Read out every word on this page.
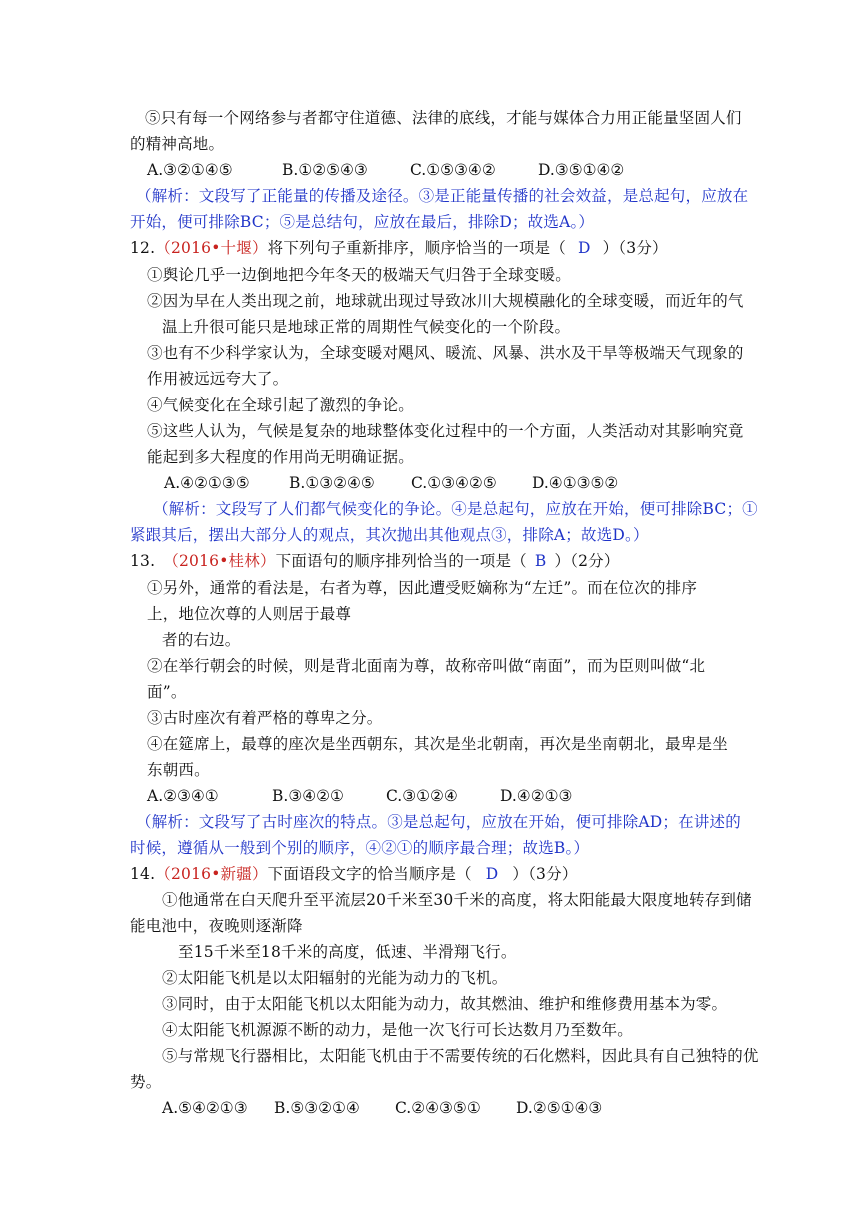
⑤只有每一个网络参与者都守住道德、法律的底线，才能与媒体合力用正能量坚固人们
的精神高地。
A.③②①④⑤	B.①②⑤④③	C.①⑤③④②	D.③⑤①④②
（解析：文段写了正能量的传播及途径。③是正能量传播的社会效益，是总起句，应放在
开始，便可排除BC；⑤是总结句，应放在最后，排除D；故选A。）
12.（2016•十堰）将下列句子重新排序，顺序恰当的一项是（ D ）（3分）
①舆论几乎一边倒地把今年冬天的极端天气归咎于全球变暖。
②因为早在人类出现之前，地球就出现过导致冰川大规模融化的全球变暖，而近年的气
温上升很可能只是地球正常的周期性气候变化的一个阶段。
③也有不少科学家认为，全球变暖对飓风、暖流、风暴、洪水及干旱等极端天气现象的
作用被远远夸大了。
④气候变化在全球引起了激烈的争论。
⑤这些人认为，气候是复杂的地球整体变化过程中的一个方面，人类活动对其影响究竟
能起到多大程度的作用尚无明确证据。
A.④②①③⑤	B.①③②④⑤ C.①③④②⑤ D.④①③⑤②
（解析：文段写了人们都气候变化的争论。④是总起句，应放在开始，便可排除BC；①
紧跟其后，摆出大部分人的观点，其次抛出其他观点③，排除A；故选D。）
13. （2016•桂林）下面语句的顺序排列恰当的一项是（ B ）（2分）
①另外，通常的看法是，右者为尊，因此遭受贬嫡称为“左迁”。而在位次的排序
上，地位次尊的人则居于最尊
者的右边。
②在举行朝会的时候，则是背北面南为尊，故称帝叫做“南面”，而为臣则叫做“北
面”。
③古时座次有着严格的尊卑之分。
④在筵席上，最尊的座次是坐西朝东，其次是坐北朝南，再次是坐南朝北，最卑是坐
东朝西。
A.②③④①	B.③④②①	C.③①②④	D.④②①③
（解析：文段写了古时座次的特点。③是总起句，应放在开始，便可排除AD；在讲述的
时候，遵循从一般到个别的顺序，④②①的顺序最合理；故选B。）
14.（2016•新疆）下面语段文字的恰当顺序是（ D ）（3分）
①他通常在白天爬升至平流层20千米至30千米的高度，将太阳能最大限度地转存到储
能电池中，夜晚则逐渐降
至15千米至18千米的高度，低速、半滑翔飞行。
②太阳能飞机是以太阳辐射的光能为动力的飞机。
③同时，由于太阳能飞机以太阳能为动力，故其燃油、维护和维修费用基本为零。
④太阳能飞机源源不断的动力，是他一次飞行可长达数月乃至数年。
⑤与常规飞行器相比，太阳能飞机由于不需要传统的石化燃料，因此具有自己独特的优
势。
A.⑤④②①③ B.⑤③②①④ C.②④③⑤① D.②⑤①④③
